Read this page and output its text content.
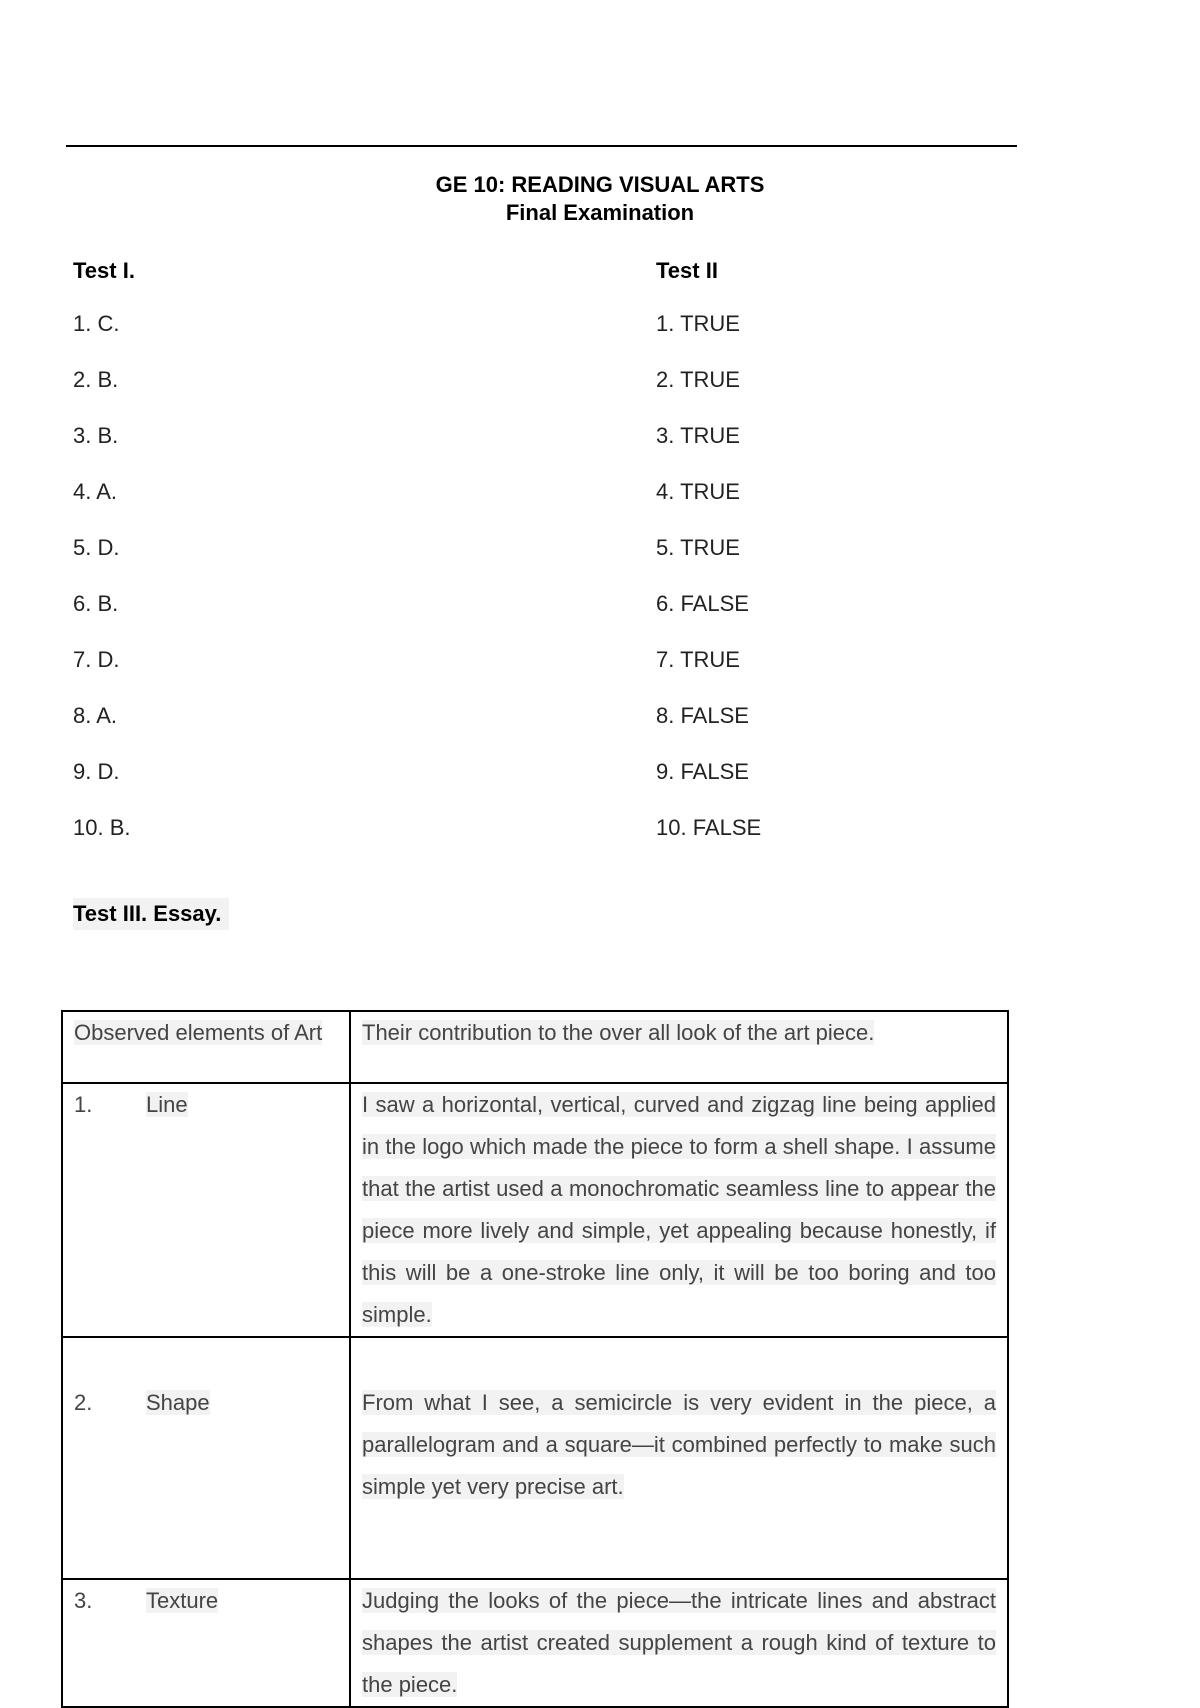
GE 10: READING VISUAL ARTS
Final Examination
Test I.
1. C.
2. B.
3. B.
4. A.
5. D.
6. B.
7. D.
8. A.
9. D.
10. B.
Test II
1. TRUE
2. TRUE
3. TRUE
4. TRUE
5. TRUE
6. FALSE
7. TRUE
8. FALSE
9. FALSE
10. FALSE
Test III. Essay.
Observed elements of Art	Their contribution to the over all look of the art piece.
1. Line	I saw a horizontal, vertical, curved and zigzag line being applied in the logo which made the piece to form a shell shape. I assume that the artist used a monochromatic seamless line to appear the piece more lively and simple, yet appealing because honestly, if this will be a one-stroke line only, it will be too boring and too simple.
2. Shape	From what I see, a semicircle is very evident in the piece, a parallelogram and a square—it combined perfectly to make such simple yet very precise art.
3. Texture	Judging the looks of the piece—the intricate lines and abstract shapes the artist created supplement a rough kind of texture to the piece.
